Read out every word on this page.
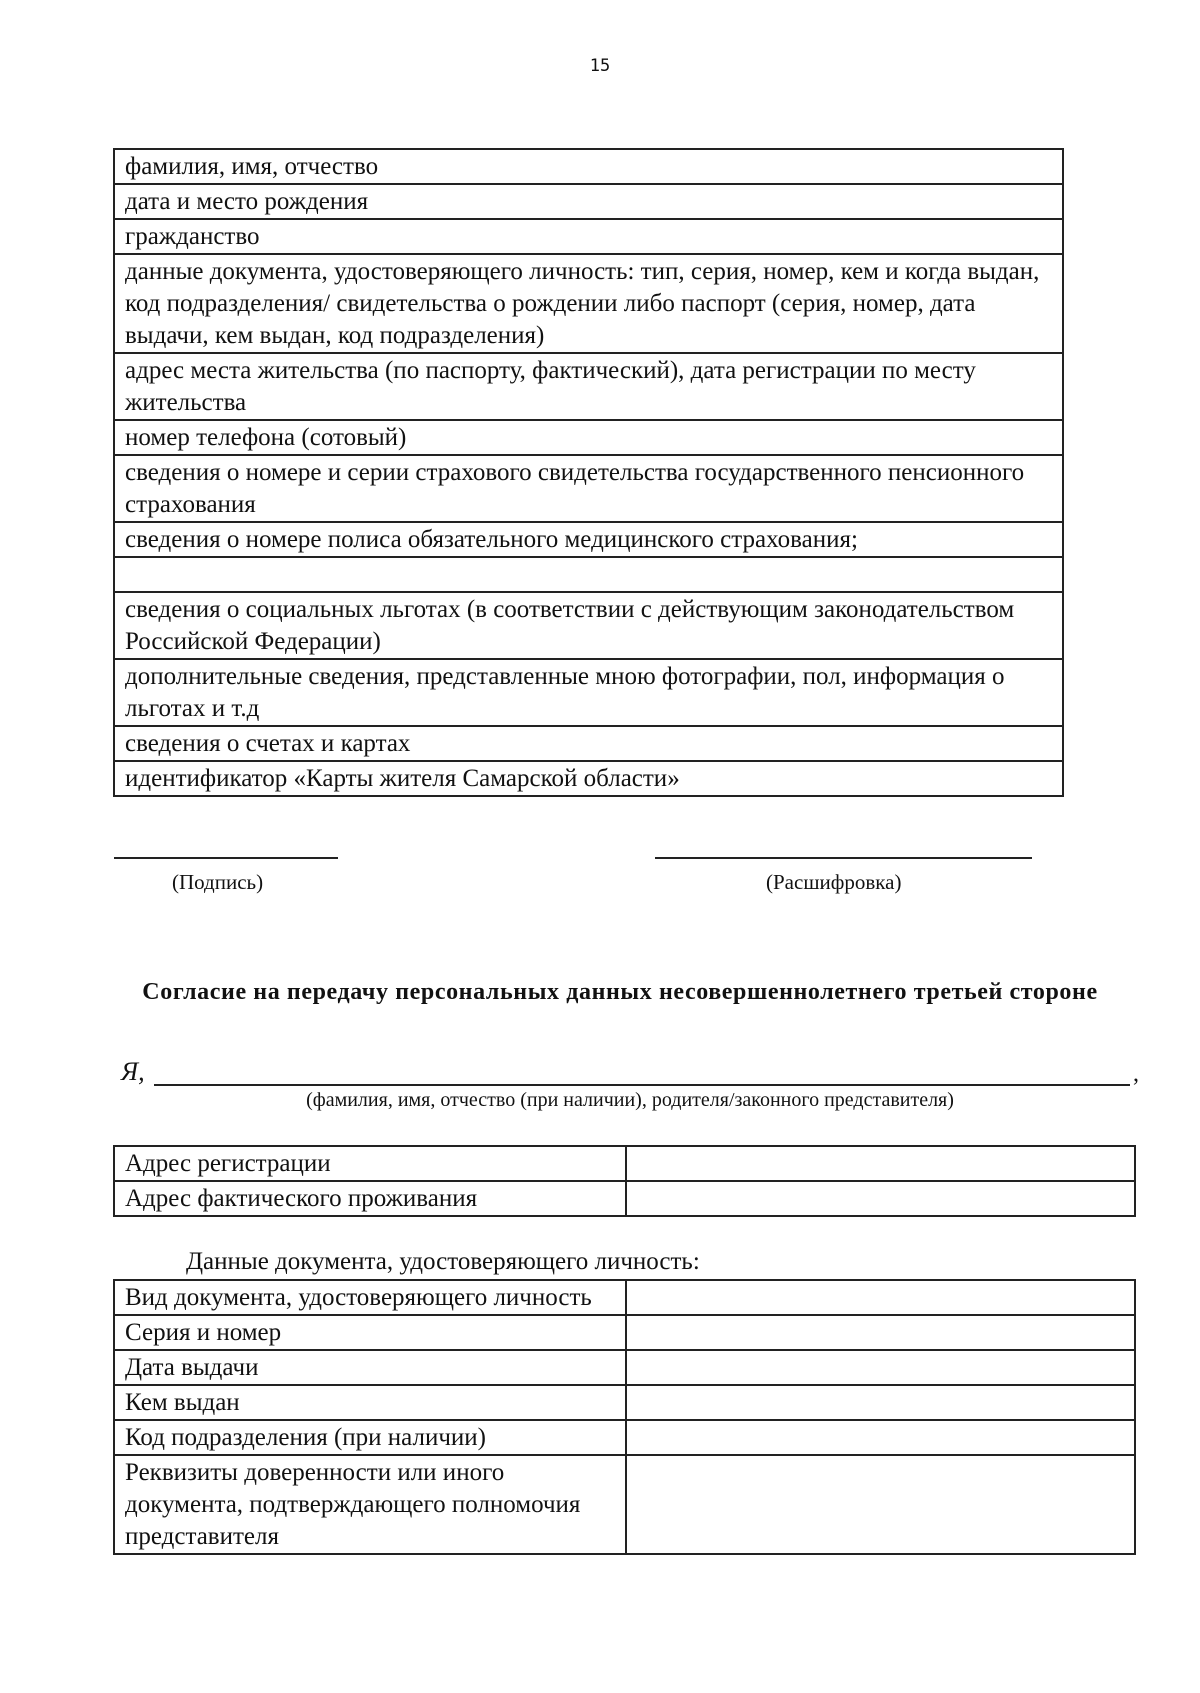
15
фамилия, имя, отчество
дата и место рождения
гражданство
данные документа, удостоверяющего личность: тип, серия, номер, кем и когда выдан, код подразделения/ свидетельства о рождении либо паспорт (серия, номер, дата выдачи, кем выдан, код подразделения)
адрес места жительства (по паспорту, фактический), дата регистрации по месту жительства
номер телефона (сотовый)
сведения о номере и серии страхового свидетельства государственного пенсионного страхования
сведения о номере полиса обязательного медицинского страхования;

сведения о социальных льготах (в соответствии с действующим законодательством Российской Федерации)
дополнительные сведения, представленные мною фотографии, пол, информация о льготах и т.д
сведения о счетах и картах
идентификатор «Карты жителя Самарской области»
(Подпись)	(Расшифровка)
Согласие на передачу персональных данных несовершеннолетнего третьей стороне
Я,	,
(фамилия, имя, отчество (при наличии), родителя/законного представителя)
Адрес регистрации	
Адрес фактического проживания	
Данные документа, удостоверяющего личность:
Вид документа, удостоверяющего личность	
Серия и номер	
Дата выдачи	
Кем выдан	
Код подразделения (при наличии)	
Реквизиты доверенности или иного документа, подтверждающего полномочия представителя	
